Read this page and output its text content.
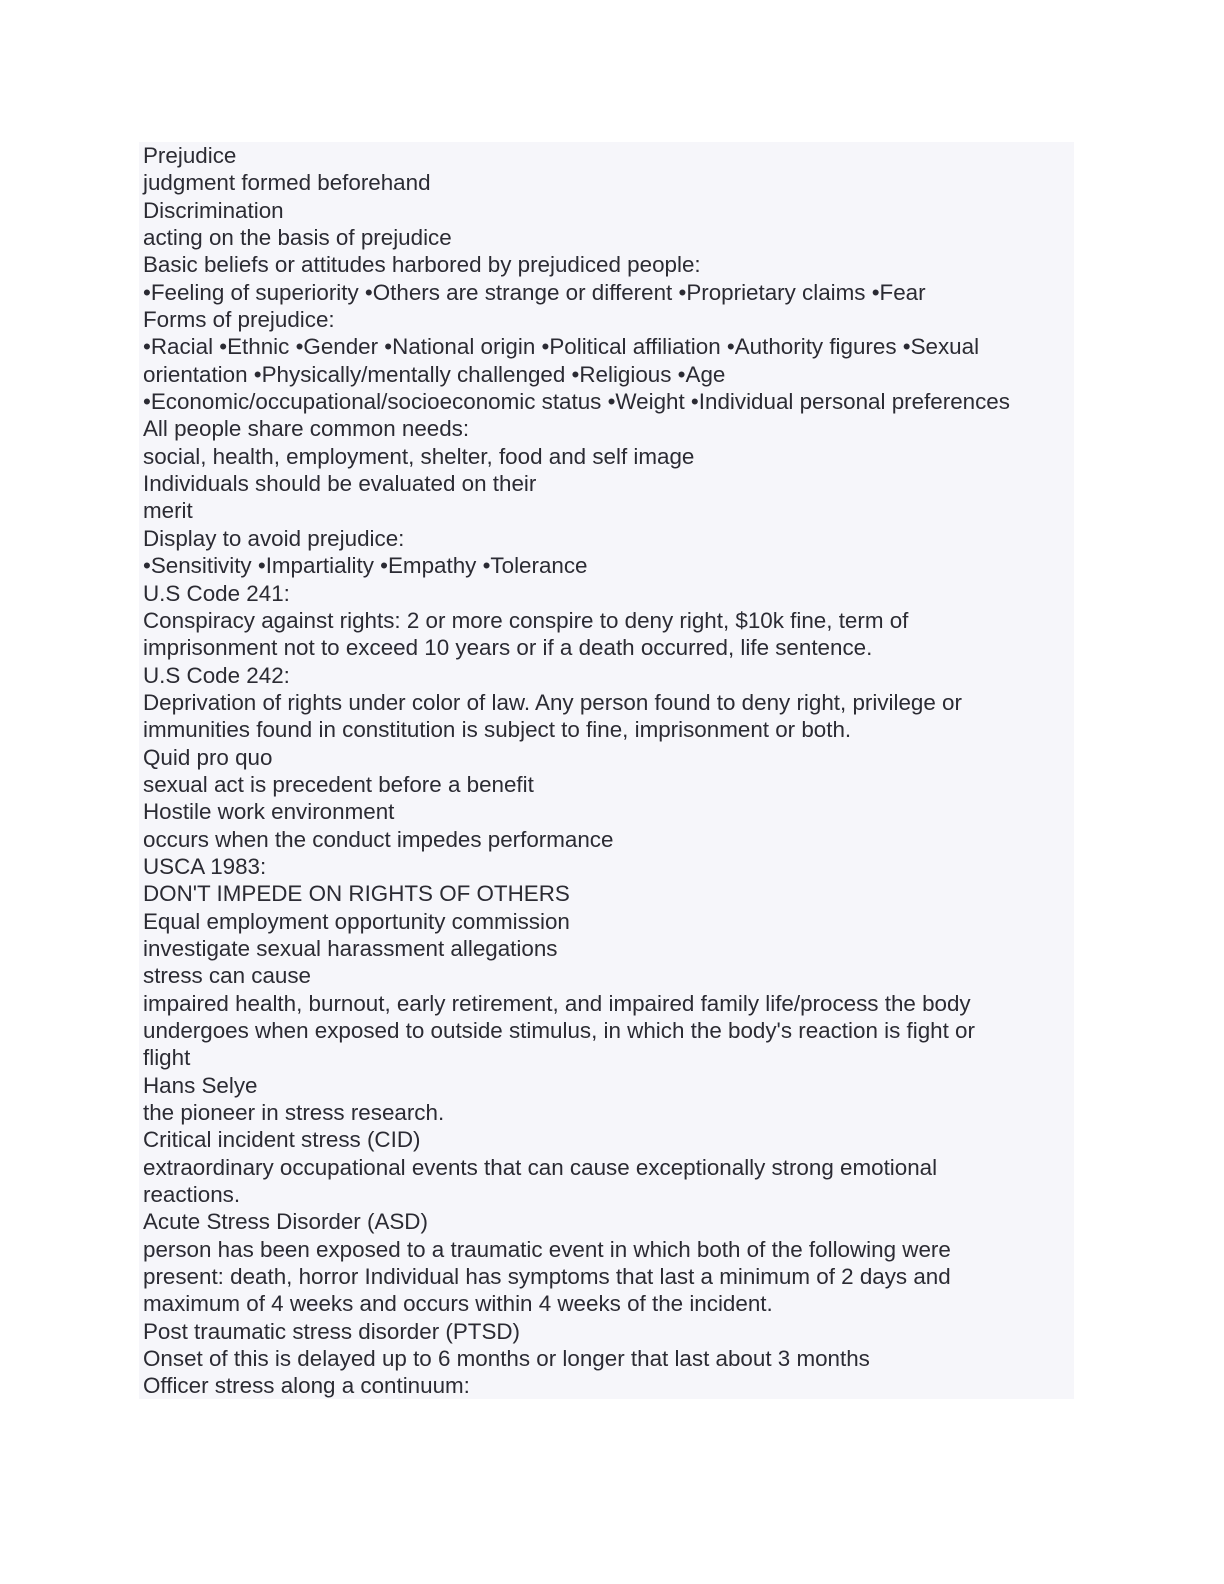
Prejudice
judgment formed beforehand
Discrimination
acting on the basis of prejudice
Basic beliefs or attitudes harbored by prejudiced people:
•Feeling of superiority •Others are strange or different •Proprietary claims •Fear
Forms of prejudice:
•Racial •Ethnic •Gender •National origin •Political affiliation •Authority figures •Sexual
orientation •Physically/mentally challenged •Religious •Age
•Economic/occupational/socioeconomic status •Weight •Individual personal preferences
All people share common needs:
social, health, employment, shelter, food and self image
Individuals should be evaluated on their
merit
Display to avoid prejudice:
•Sensitivity •Impartiality •Empathy •Tolerance
U.S Code 241:
Conspiracy against rights: 2 or more conspire to deny right, $10k fine, term of
imprisonment not to exceed 10 years or if a death occurred, life sentence.
U.S Code 242:
Deprivation of rights under color of law. Any person found to deny right, privilege or
immunities found in constitution is subject to fine, imprisonment or both.
Quid pro quo
sexual act is precedent before a benefit
Hostile work environment
occurs when the conduct impedes performance
USCA 1983:
DON'T IMPEDE ON RIGHTS OF OTHERS
Equal employment opportunity commission
investigate sexual harassment allegations
stress can cause
impaired health, burnout, early retirement, and impaired family life/process the body
undergoes when exposed to outside stimulus, in which the body's reaction is fight or
flight
Hans Selye
the pioneer in stress research.
Critical incident stress (CID)
extraordinary occupational events that can cause exceptionally strong emotional
reactions.
Acute Stress Disorder (ASD)
person has been exposed to a traumatic event in which both of the following were
present: death, horror Individual has symptoms that last a minimum of 2 days and
maximum of 4 weeks and occurs within 4 weeks of the incident.
Post traumatic stress disorder (PTSD)
Onset of this is delayed up to 6 months or longer that last about 3 months
Officer stress along a continuum:
